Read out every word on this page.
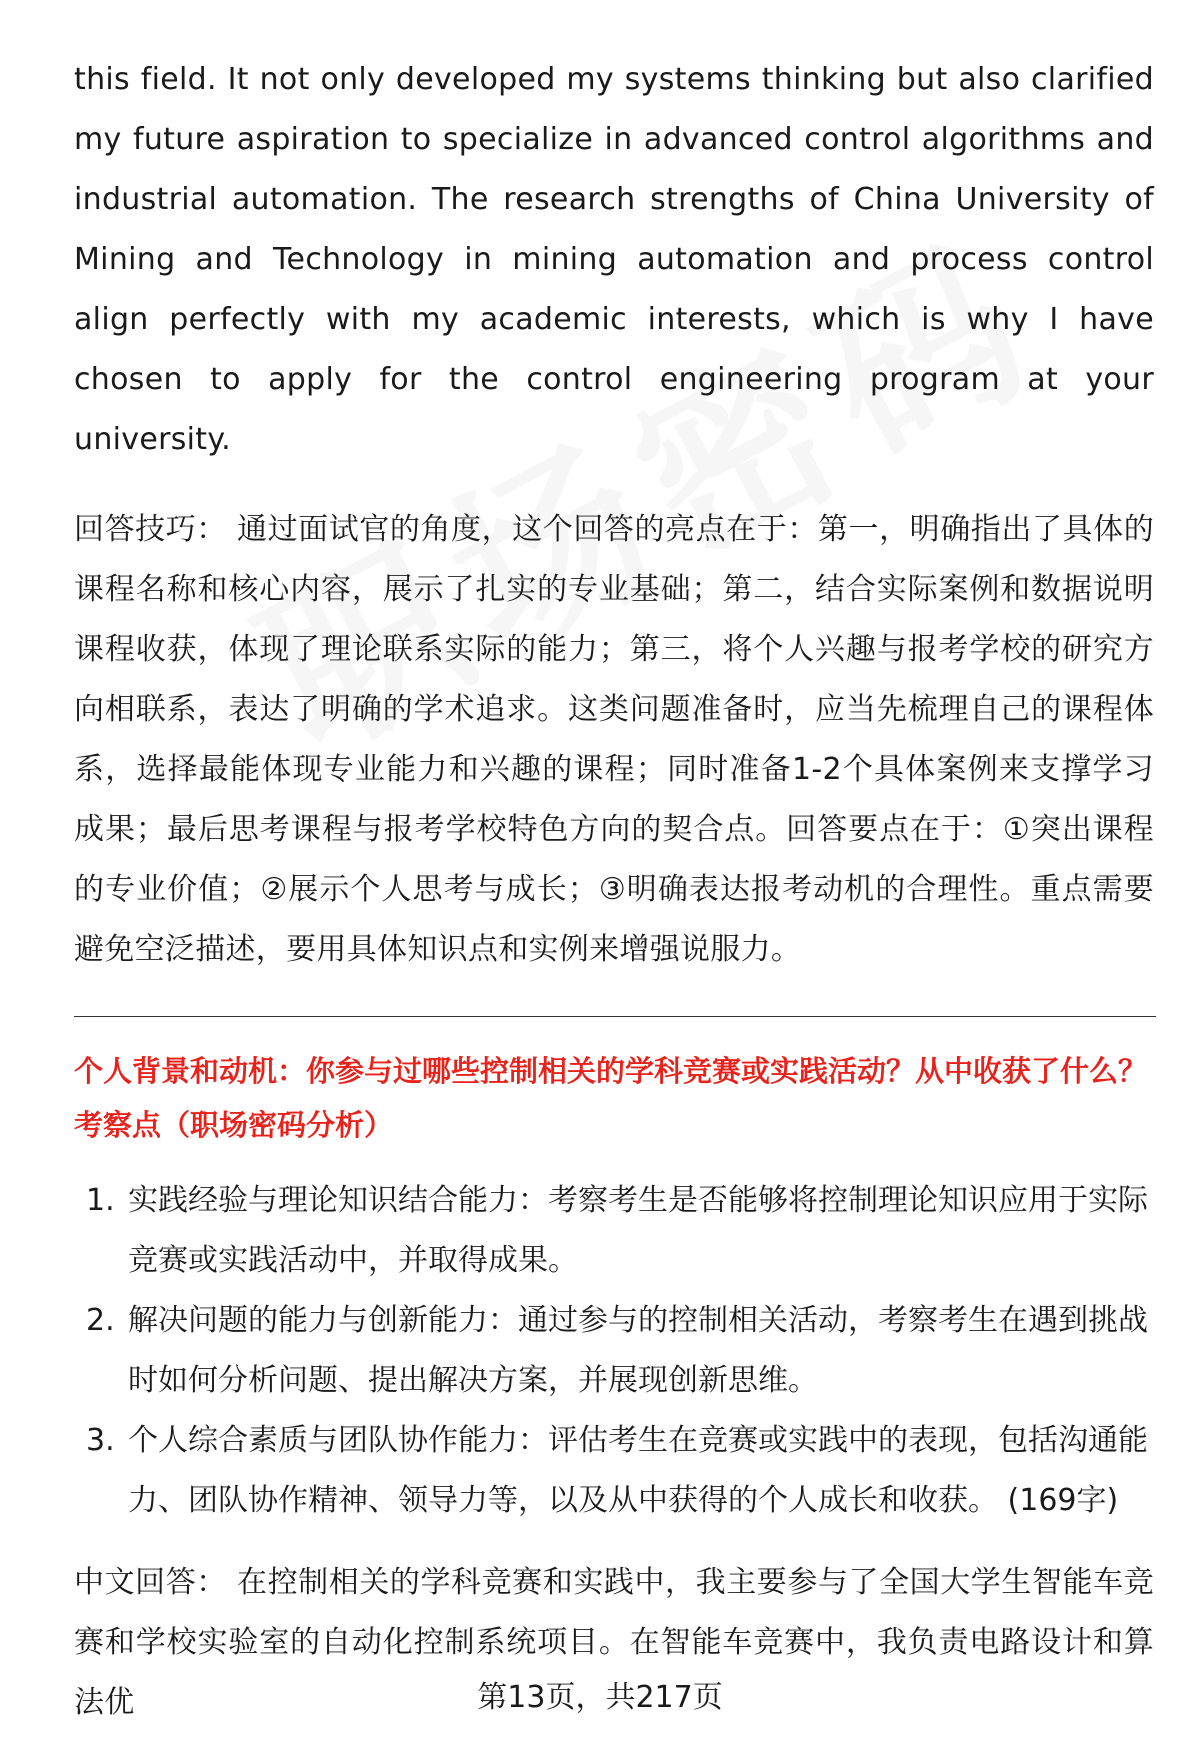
this field. It not only developed my systems thinking but also clarified my future aspiration to specialize in advanced control algorithms and industrial automation. The research strengths of China University of Mining and Technology in mining automation and process control align perfectly with my academic interests, which is why I have chosen to apply for the control engineering program at your university.

回答技巧： 通过面试官的角度，这个回答的亮点在于：第一，明确指出了具体的课程名称和核心内容，展示了扎实的专业基础；第二，结合实际案例和数据说明课程收获，体现了理论联系实际的能力；第三，将个人兴趣与报考学校的研究方向相联系，表达了明确的学术追求。这类问题准备时，应当先梳理自己的课程体系，选择最能体现专业能力和兴趣的课程；同时准备1-2个具体案例来支撑学习成果；最后思考课程与报考学校特色方向的契合点。回答要点在于：①突出课程的专业价值；②展示个人思考与成长；③明确表达报考动机的合理性。重点需要避免空泛描述，要用具体知识点和实例来增强说服力。

个人背景和动机：你参与过哪些控制相关的学科竞赛或实践活动？从中收获了什么？

考察点（职场密码分析）

1. 实践经验与理论知识结合能力：考察考生是否能够将控制理论知识应用于实际竞赛或实践活动中，并取得成果。
2. 解决问题的能力与创新能力：通过参与的控制相关活动，考察考生在遇到挑战时如何分析问题、提出解决方案，并展现创新思维。
3. 个人综合素质与团队协作能力：评估考生在竞赛或实践中的表现，包括沟通能力、团队协作精神、领导力等，以及从中获得的个人成长和收获。 (169字)

中文回答： 在控制相关的学科竞赛和实践中，我主要参与了全国大学生智能车竞赛和学校实验室的自动化控制系统项目。在智能车竞赛中，我负责电路设计和算法优	第13页，共217页
